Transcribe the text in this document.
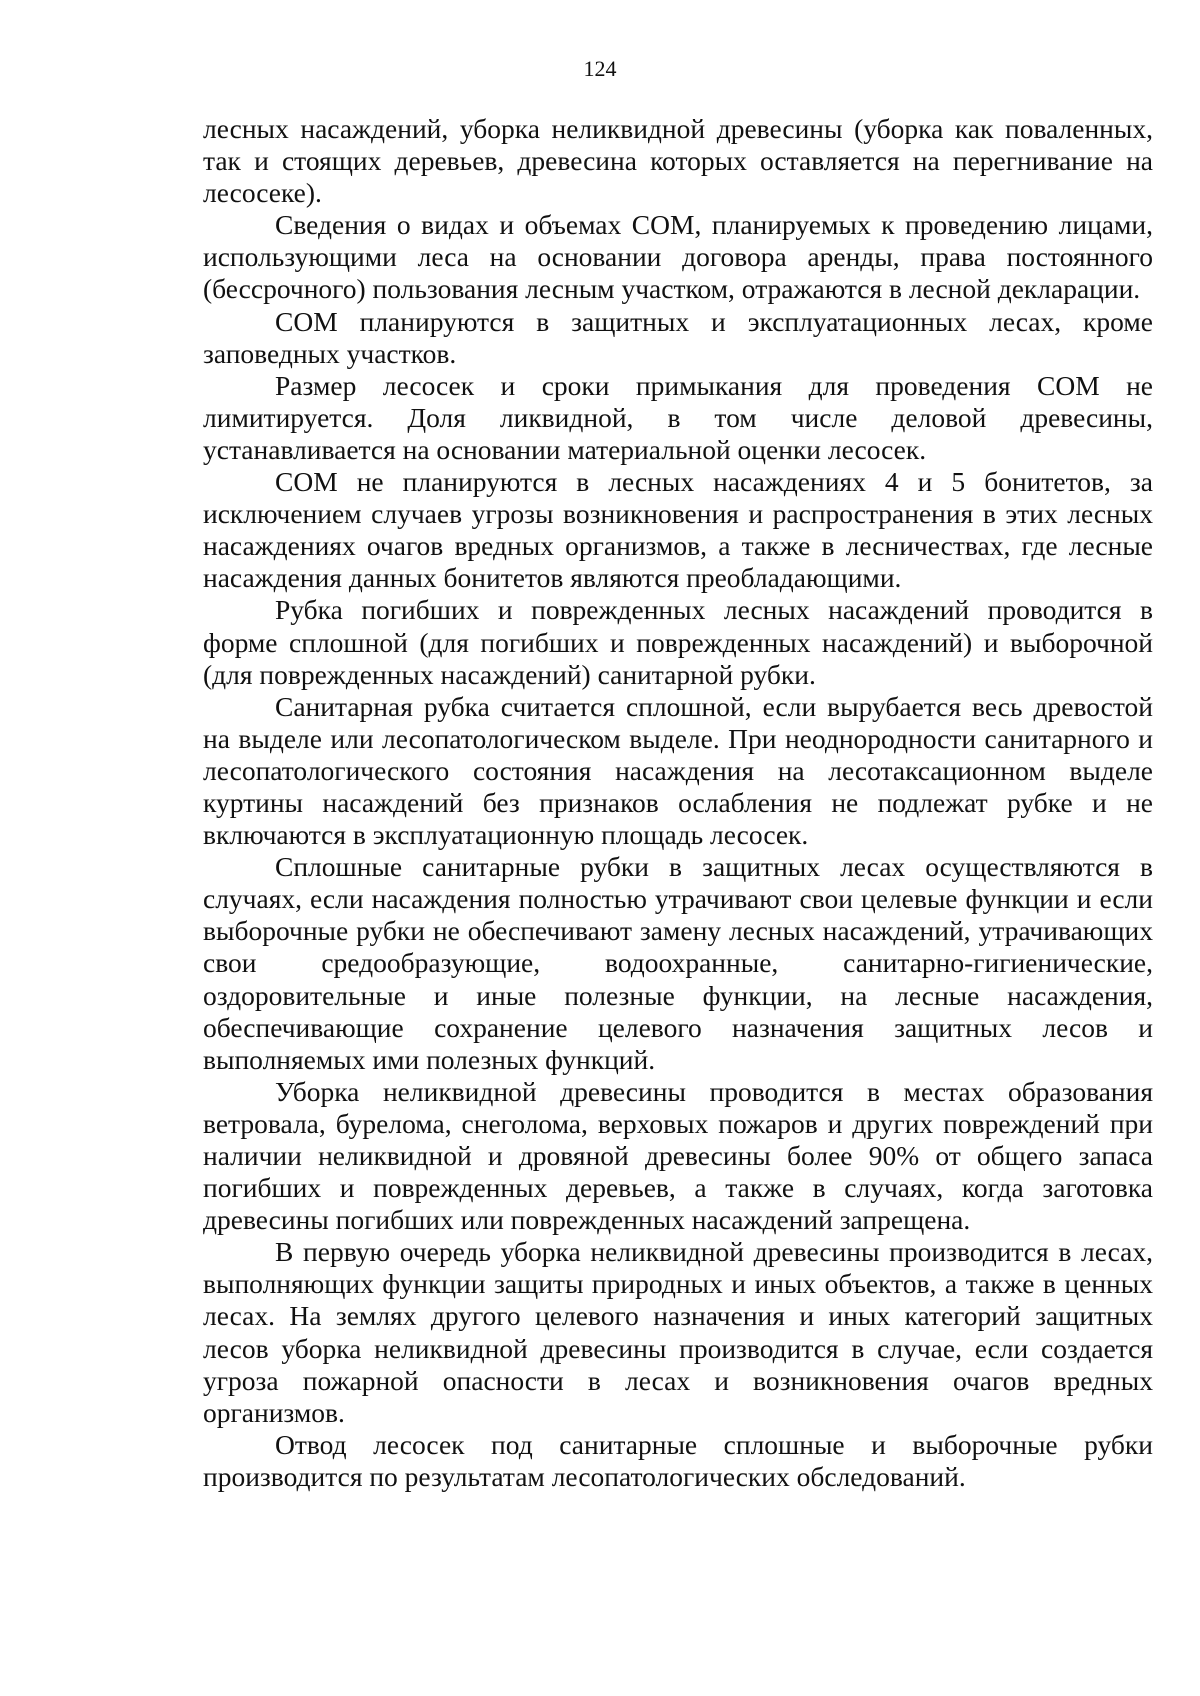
124

лесных насаждений, уборка неликвидной древесины (уборка как поваленных, так и стоящих деревьев, древесина которых оставляется на перегнивание на лесосеке).

Сведения о видах и объемах СОМ, планируемых к проведению лицами, использующими леса на основании договора аренды, права постоянного (бессрочного) пользования лесным участком, отражаются в лесной декларации.

СОМ планируются в защитных и эксплуатационных лесах, кроме заповедных участков.

Размер лесосек и сроки примыкания для проведения СОМ не лимитируется. Доля ликвидной, в том числе деловой древесины, устанавливается на основании материальной оценки лесосек.

СОМ не планируются в лесных насаждениях 4 и 5 бонитетов, за исключением случаев угрозы возникновения и распространения в этих лесных насаждениях очагов вредных организмов, а также в лесничествах, где лесные насаждения данных бонитетов являются преобладающими.

Рубка погибших и поврежденных лесных насаждений проводится в форме сплошной (для погибших и поврежденных насаждений) и выборочной (для поврежденных насаждений) санитарной рубки.

Санитарная рубка считается сплошной, если вырубается весь древостой на выделе или лесопатологическом выделе. При неоднородности санитарного и лесопатологического состояния насаждения на лесотаксационном выделе куртины насаждений без признаков ослабления не подлежат рубке и не включаются в эксплуатационную площадь лесосек.

Сплошные санитарные рубки в защитных лесах осуществляются в случаях, если насаждения полностью утрачивают свои целевые функции и если выборочные рубки не обеспечивают замену лесных насаждений, утрачивающих свои средообразующие, водоохранные, санитарно-гигиенические, оздоровительные и иные полезные функции, на лесные насаждения, обеспечивающие сохранение целевого назначения защитных лесов и выполняемых ими полезных функций.

Уборка неликвидной древесины проводится в местах образования ветровала, бурелома, снеголома, верховых пожаров и других повреждений при наличии неликвидной и дровяной древесины более 90% от общего запаса погибших и поврежденных деревьев, а также в случаях, когда заготовка древесины погибших или поврежденных насаждений запрещена.

В первую очередь уборка неликвидной древесины производится в лесах, выполняющих функции защиты природных и иных объектов, а также в ценных лесах. На землях другого целевого назначения и иных категорий защитных лесов уборка неликвидной древесины производится в случае, если создается угроза пожарной опасности в лесах и возникновения очагов вредных организмов.

Отвод лесосек под санитарные сплошные и выборочные рубки производится по результатам лесопатологических обследований.
